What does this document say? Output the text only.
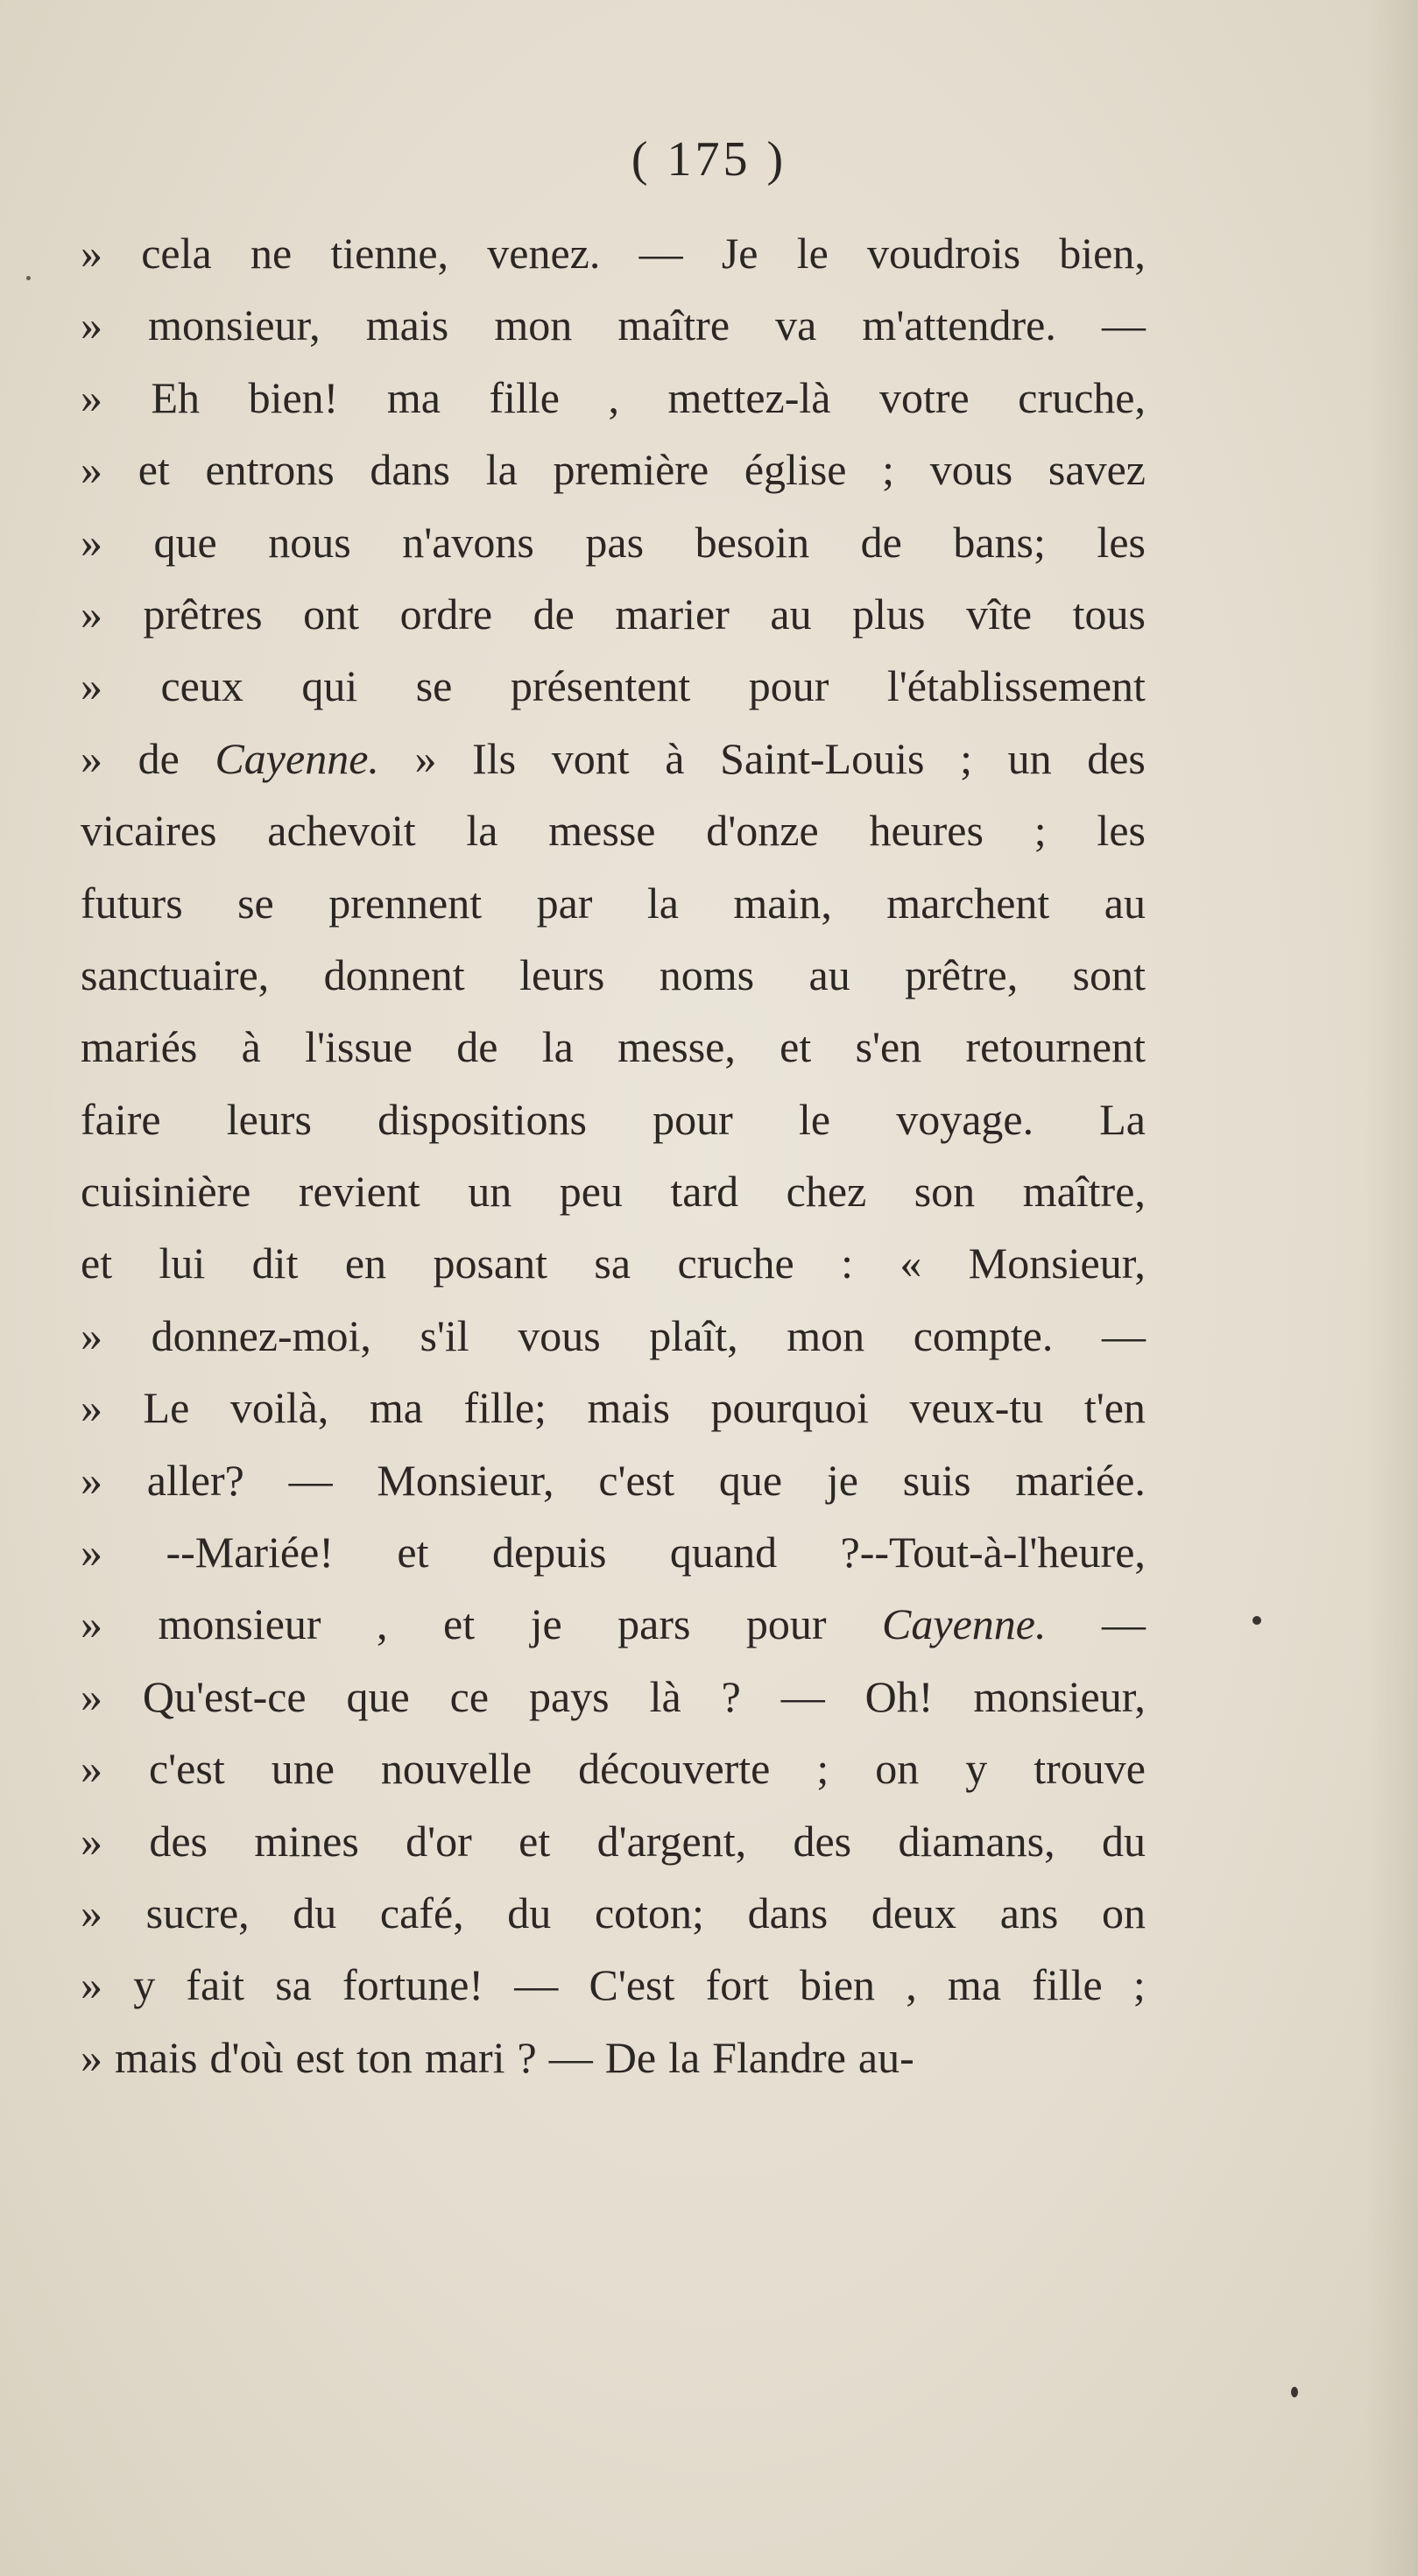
( 175 )
» cela ne tienne, venez. — Je le voudrois bien,
» monsieur, mais mon maître va m'attendre. —
» Eh bien! ma fille , mettez-là votre cruche,
» et entrons dans la première église ; vous savez
» que nous n'avons pas besoin de bans; les
» prêtres ont ordre de marier au plus vîte tous
» ceux qui se présentent pour l'établissement
» de Cayenne. » Ils vont à Saint-Louis ; un des
vicaires achevoit la messe d'onze heures ; les
futurs se prennent par la main, marchent au
sanctuaire, donnent leurs noms au prêtre, sont
mariés à l'issue de la messe, et s'en retournent
faire leurs dispositions pour le voyage. La
cuisinière revient un peu tard chez son maître,
et lui dit en posant sa cruche : « Monsieur,
» donnez-moi, s'il vous plaît, mon compte. —
» Le voilà, ma fille; mais pourquoi veux-tu t'en
» aller? — Monsieur, c'est que je suis mariée.
» --Mariée! et depuis quand ?--Tout-à-l'heure,
» monsieur , et je pars pour Cayenne. —
» Qu'est-ce que ce pays là ? — Oh! monsieur,
» c'est une nouvelle découverte ; on y trouve
» des mines d'or et d'argent, des diamans, du
» sucre, du café, du coton; dans deux ans on
» y fait sa fortune! — C'est fort bien , ma fille ;
» mais d'où est ton mari ? — De la Flandre au-
